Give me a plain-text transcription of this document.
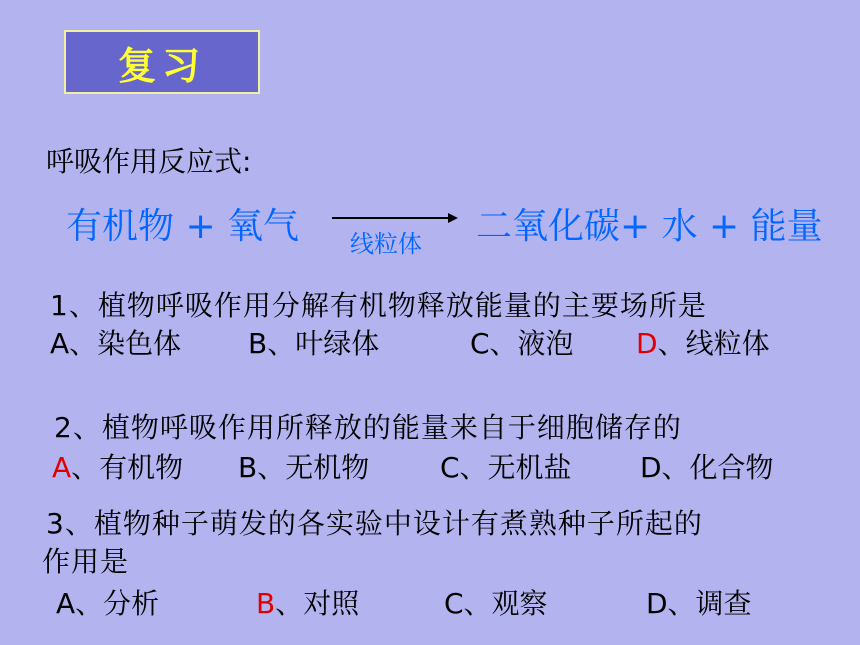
复习
呼吸作用反应式:
有机物 + 氧气 线粒体 二氧化碳+ 水 + 能量
1、植物呼吸作用分解有机物释放能量的主要场所是
A、染色体 B、叶绿体	C、液泡 D、线粒体
2、植物呼吸作用所释放的能量来自于细胞储存的
A、有机物 B、无机物	C、无机盐 D、化合物
3、植物种子萌发的各实验中设计有煮熟种子所起的
作用是
A、分析	B、对照	C、观察	D、调查
